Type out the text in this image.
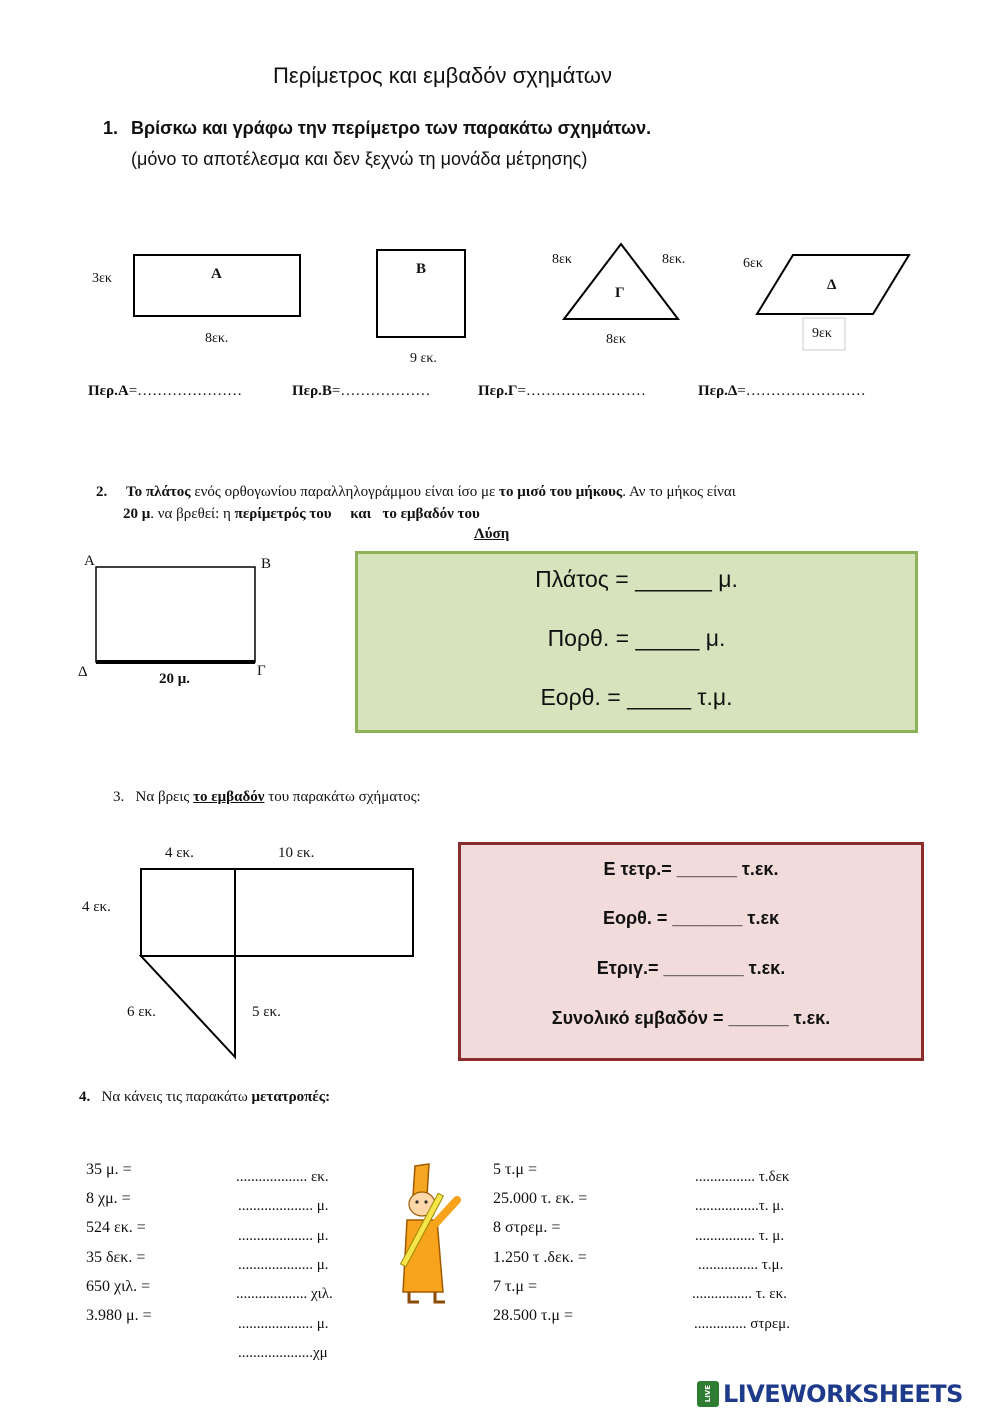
Περίμετρος και εμβαδόν σχημάτων
1. Βρίσκω και γράφω την περίμετρο των παρακάτω σχημάτων.
(μόνο το αποτέλεσμα και δεν ξεχνώ τη μονάδα μέτρησης)
3εκ	Α
8εκ.
Β
9 εκ.
8εκ	8εκ.
Γ
8εκ
6εκ
Δ
9εκ
Περ.Α=…………………	Περ.Β=………………	Περ.Γ=……………………	Περ.Δ=……………………
2. Το πλάτος ενός ορθογωνίου παραλληλογράμμου είναι ίσο με το μισό του μήκους. Αν το μήκος είναι
20 μ. να βρεθεί: η περίμετρός του και το εμβαδόν του
Λύση
Α	Β
Δ	Γ
20 μ.
Πλάτος = ______ μ.
Πορθ. = _____ μ.
Εορθ. = _____ τ.μ.
3. Να βρεις το εμβαδόν του παρακάτω σχήματος:
4 εκ.	10 εκ.
4 εκ.
6 εκ.	5 εκ.
Ε τετρ.= ______ τ.εκ.
Εορθ. = _______ τ.εκ
Ετριγ.= ________ τ.εκ.
Συνολικό εμβαδόν = ______ τ.εκ.
4. Να κάνεις τις παρακάτω μετατροπές:
35 μ. =	................... εκ.
8 χμ. =	.................... μ.
524 εκ. =	.................... μ.
35 δεκ. =	.................... μ.
650 χιλ. =	................... χιλ.
3.980 μ. =	.................... μ.
....................χμ
5 τ.μ =	................ τ.δεκ
25.000 τ. εκ. =	.................τ. μ.
8 στρεμ. =	................ τ. μ.
1.250 τ .δεκ. =	................ τ.μ.
7 τ.μ =	................ τ. εκ.
28.500 τ.μ =	.............. στρεμ.
LIVE LIVEWORKSHEETS
